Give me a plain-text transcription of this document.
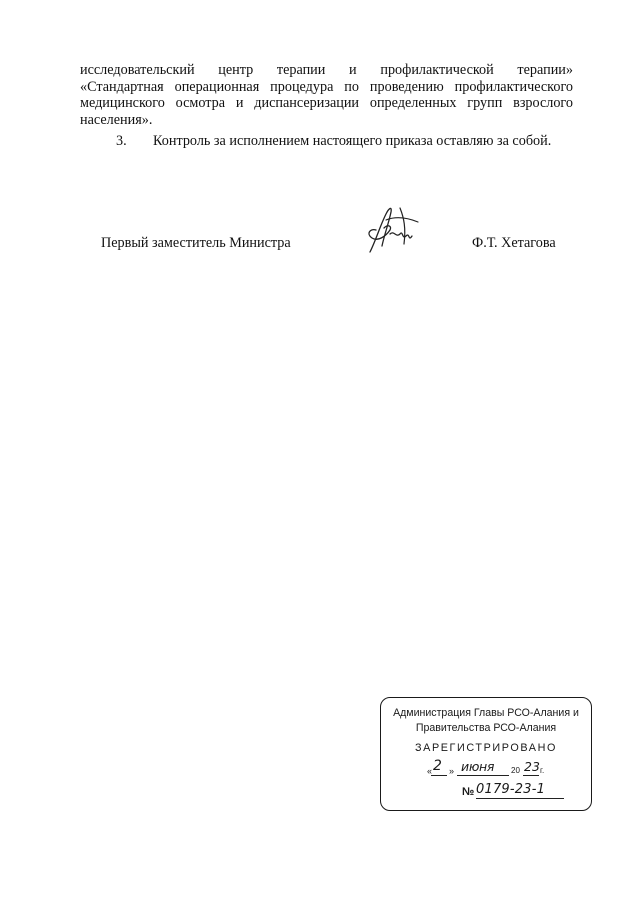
исследовательский центр терапии и профилактической терапии»
«Стандартная операционная процедура по проведению профилактического
медицинского осмотра и диспансеризации определенных групп взрослого
населения».
3. Контроль за исполнением настоящего приказа оставляю за собой.
Первый заместитель Министра	Ф.Т. Хетагова
Администрация Главы РСО-Алания и
Правительства РСО-Алания
ЗАРЕГИСТРИРОВАНО
« 2 » июня 20 23 г.
№ 0179-23-1
